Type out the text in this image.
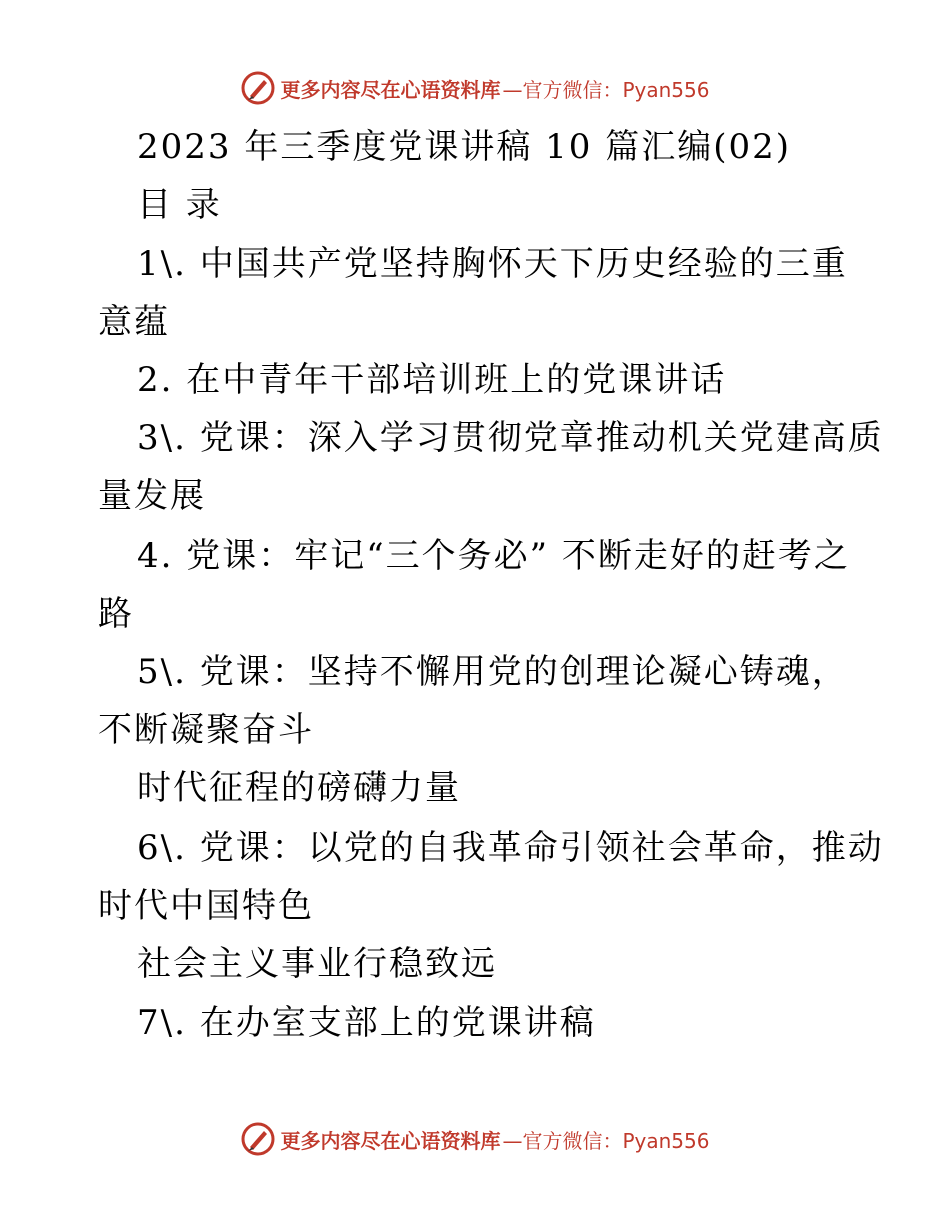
更多内容尽在心语资料库 —官方微信：Pyan556
2023 年三季度党课讲稿 10 篇汇编(02)
目 录
1\. 中国共产党坚持胸怀天下历史经验的三重
意蕴
2. 在中青年干部培训班上的党课讲话
3\. 党课：深入学习贯彻党章推动机关党建高质
量发展
4. 党课：牢记“三个务必” 不断走好的赶考之
路
5\. 党课：坚持不懈用党的创理论凝心铸魂，
不断凝聚奋斗
时代征程的磅礴力量
6\. 党课：以党的自我革命引领社会革命，推动
时代中国特色
社会主义事业行稳致远
7\. 在办室支部上的党课讲稿
更多内容尽在心语资料库 —官方微信：Pyan556
